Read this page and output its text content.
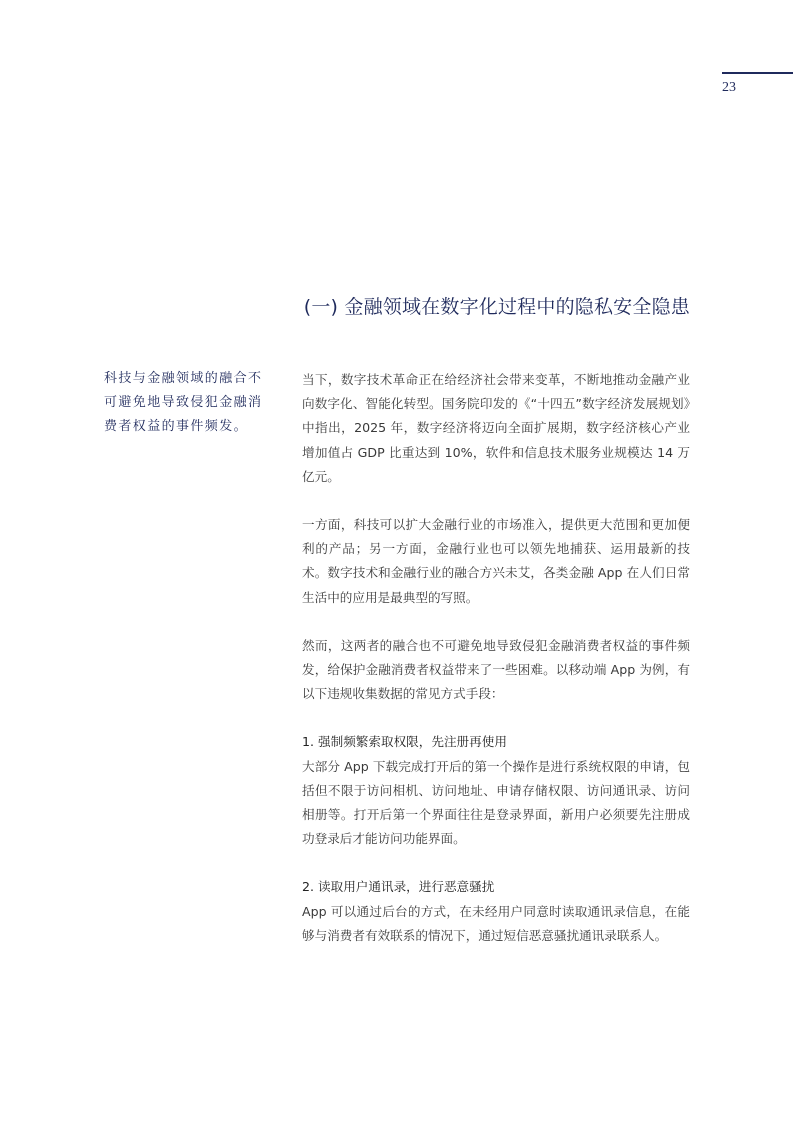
23
(一) 金融领域在数字化过程中的隐私安全隐患
科技与金融领域的融合不可避免地导致侵犯金融消费者权益的事件频发。

当下，数字技术革命正在给经济社会带来变革，不断地推动金融产业向数字化、智能化转型。国务院印发的《“十四五”数字经济发展规划》中指出，2025 年，数字经济将迈向全面扩展期，数字经济核心产业增加值占 GDP 比重达到 10%，软件和信息技术服务业规模达 14 万亿元。

一方面，科技可以扩大金融行业的市场准入，提供更大范围和更加便利的产品；另一方面，金融行业也可以领先地捕获、运用最新的技术。数字技术和金融行业的融合方兴未艾，各类金融 App 在人们日常生活中的应用是最典型的写照。

然而，这两者的融合也不可避免地导致侵犯金融消费者权益的事件频发，给保护金融消费者权益带来了一些困难。以移动端 App 为例，有以下违规收集数据的常见方式手段：

1. 强制频繁索取权限，先注册再使用

大部分 App 下载完成打开后的第一个操作是进行系统权限的申请，包括但不限于访问相机、访问地址、申请存储权限、访问通讯录、访问相册等。打开后第一个界面往往是登录界面，新用户必须要先注册成功登录后才能访问功能界面。

2. 读取用户通讯录，进行恶意骚扰

App 可以通过后台的方式，在未经用户同意时读取通讯录信息，在能够与消费者有效联系的情况下，通过短信恶意骚扰通讯录联系人。
